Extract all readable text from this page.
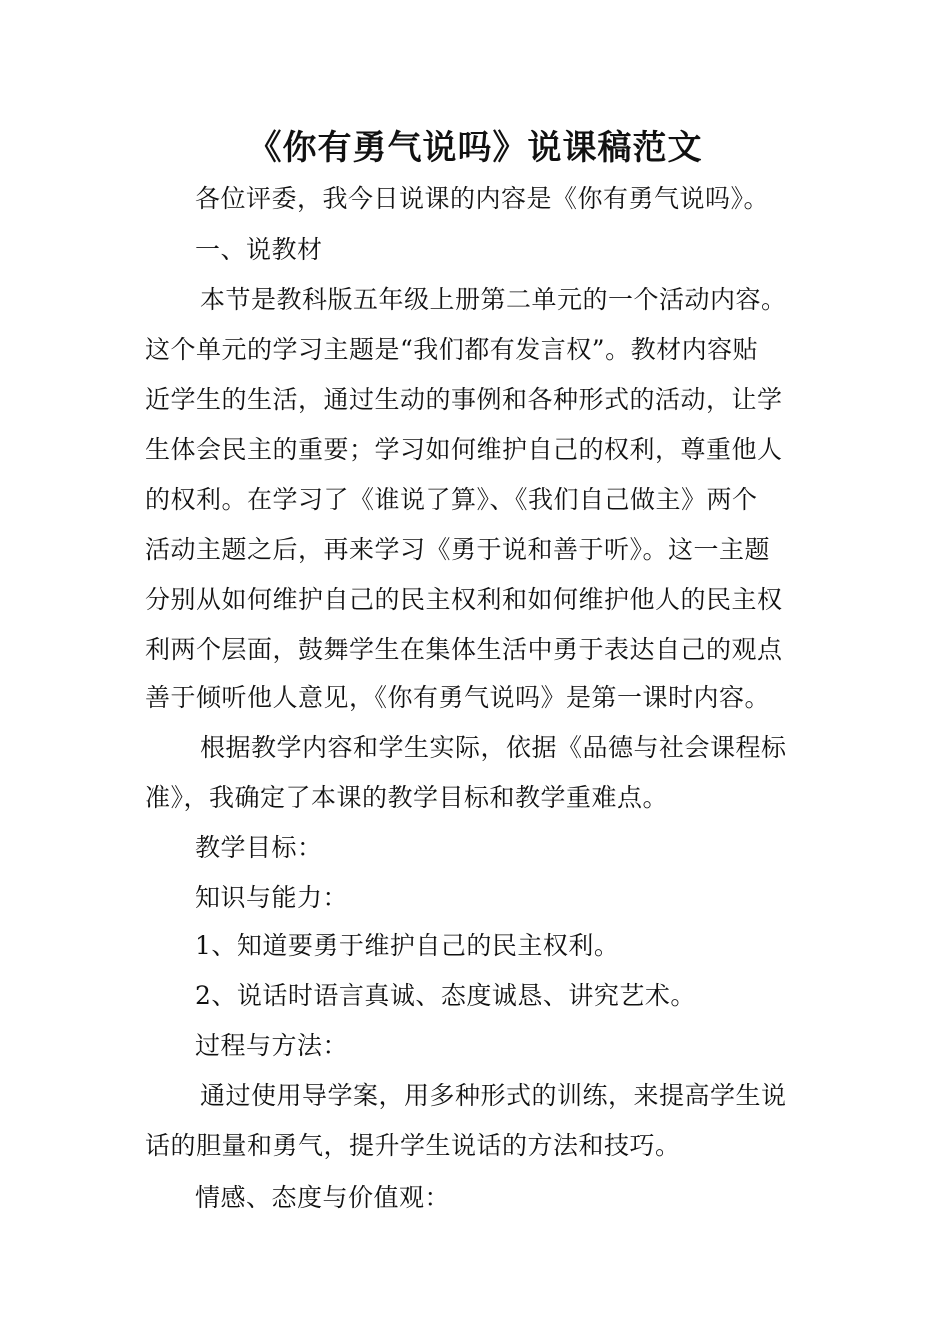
《你有勇气说吗》说课稿范文
各位评委，我今日说课的内容是《你有勇气说吗》。
一、说教材
本节是教科版五年级上册第二单元的一个活动内容。
这个单元的学习主题是“我们都有发言权”。教材内容贴
近学生的生活，通过生动的事例和各种形式的活动，让学
生体会民主的重要；学习如何维护自己的权利，尊重他人
的权利。在学习了《谁说了算》、《我们自己做主》两个
活动主题之后，再来学习《勇于说和善于听》。这一主题
分别从如何维护自己的民主权利和如何维护他人的民主权
利两个层面，鼓舞学生在集体生活中勇于表达自己的观点
善于倾听他人意见，《你有勇气说吗》是第一课时内容。
根据教学内容和学生实际，依据《品德与社会课程标
准》，我确定了本课的教学目标和教学重难点。
教学目标：
知识与能力：
1、知道要勇于维护自己的民主权利。
2、说话时语言真诚、态度诚恳、讲究艺术。
过程与方法：
通过使用导学案，用多种形式的训练，来提高学生说
话的胆量和勇气，提升学生说话的方法和技巧。
情感、态度与价值观：
